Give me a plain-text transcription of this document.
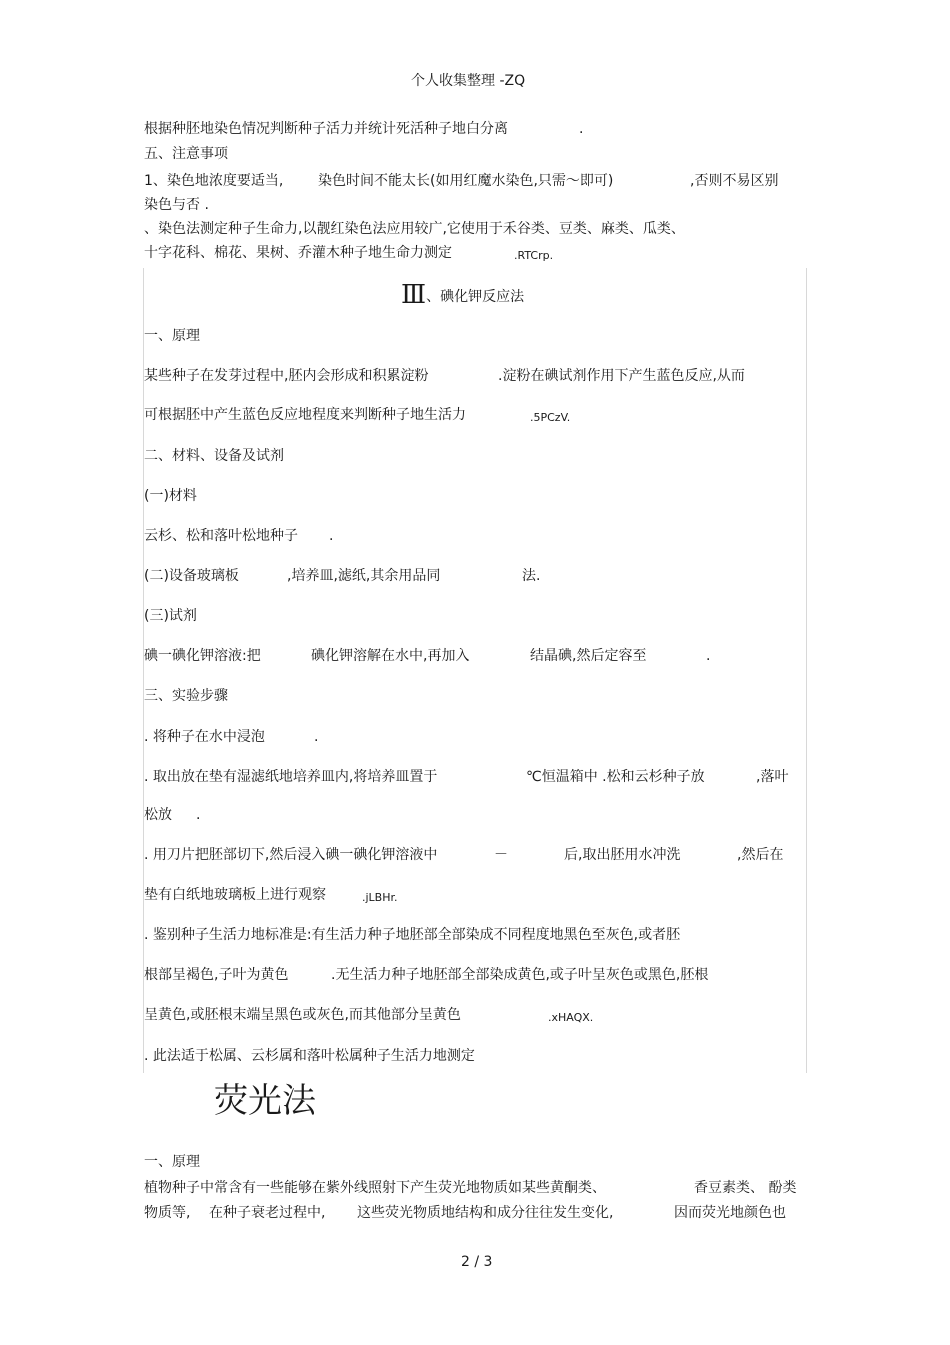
个人收集整理 -ZQ
根据种胚地染色情况判断种子活力并统计死活种子地白分离	.
五、注意事项
1、染色地浓度要适当, 染色时间不能太长(如用红魔水染色,只需～即可)	,否则不易区别
染色与否 .
、染色法测定种子生命力,以靓红染色法应用较广,它使用于禾谷类、豆类、麻类、瓜类、
十字花科、棉花、果树、乔灌木种子地生命力测定	.RTCrp.
Ⅲ、碘化钾反应法
一、原理
某些种子在发芽过程中,胚内会形成和积累淀粉	.淀粉在碘试剂作用下产生蓝色反应,从而
可根据胚中产生蓝色反应地程度来判断种子地生活力	.5PCzV.
二、材料、设备及试剂
(一)材料
云杉、松和落叶松地种子 .
(二)设备玻璃板	,培养皿,滤纸,其余用品同	法.
(三)试剂
碘一碘化钾溶液:把	碘化钾溶解在水中,再加入	结晶碘,然后定容至	.
三、实验步骤
. 将种子在水中浸泡	.
. 取出放在垫有湿滤纸地培养皿内,将培养皿置于	℃恒温箱中 .松和云杉种子放	,落叶
松放 .
. 用刀片把胚部切下,然后浸入碘一碘化钾溶液中	－	后,取出胚用水冲洗	,然后在
垫有白纸地玻璃板上进行观察	.jLBHr.
. 鉴别种子生活力地标准是:有生活力种子地胚部全部染成不同程度地黑色至灰色,或者胚
根部呈褐色,子叶为黄色	.无生活力种子地胚部全部染成黄色,或子叶呈灰色或黑色,胚根
呈黄色,或胚根末端呈黑色或灰色,而其他部分呈黄色	.xHAQX.
. 此法适于松属、云杉属和落叶松属种子生活力地测定
荧光法
一、原理
植物种子中常含有一些能够在紫外线照射下产生荧光地物质如某些黄酮类、	香豆素类、 酚类
物质等, 在种子衰老过程中, 这些荧光物质地结构和成分往往发生变化,	因而荧光地颜色也
2 / 3
